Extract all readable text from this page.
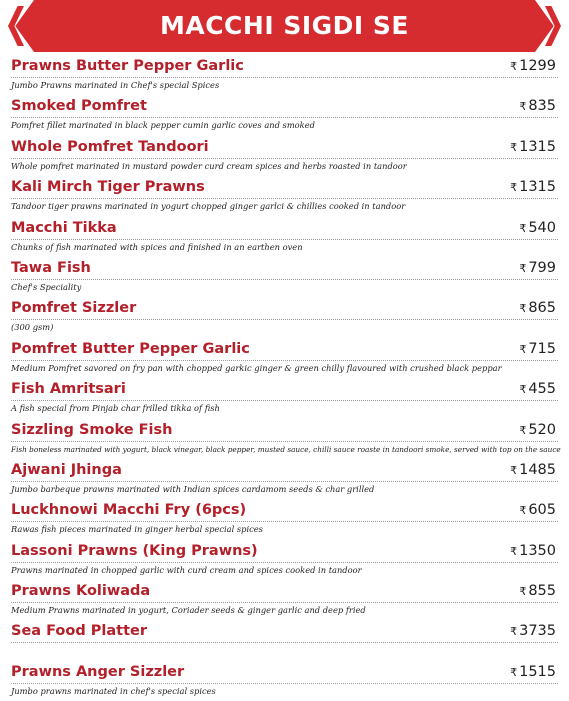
MACCHI SIGDI SE
Prawns Butter Pepper Garlic	₹ 1299
Jumbo Prawns marinated in Chef's special Spices
Smoked Pomfret	₹ 835
Pomfret fillet marinated in black pepper cumin garlic coves and smoked
Whole Pomfret Tandoori	₹ 1315
Whole pomfret marinated in mustard powder curd cream spices and herbs roasted in tandoor
Kali Mirch Tiger Prawns	₹ 1315
Tandoor tiger prawns marinated in yogurt chopped ginger garlci & chillies cooked in tandoor
Macchi Tikka	₹ 540
Chunks of fish marinated with spices and finished in an earthen oven
Tawa Fish	₹ 799
Chef's Speciality
Pomfret Sizzler	₹ 865
(300 gsm)
Pomfret Butter Pepper Garlic	₹ 715
Medium Pomfret savored on fry pan with chopped garkic ginger & green chilly flavoured with crushed black peppar
Fish Amritsari	₹ 455
A fish special from Pinjab char frilled tikka of fish
Sizzling Smoke Fish	₹ 520
Fish boneless marinated with yogurt, black vinegar, black pepper, musted sauce, chilli sauce roaste in tandoori smoke, served with top on the sauce
Ajwani Jhinga	₹ 1485
Jumbo barbeque prawns marinated with Indian spices cardamom seeds & char grilled
Luckhnowi Macchi Fry (6pcs)	₹ 605
Rawas fish pieces marinated in ginger herbal special spices
Lassoni Prawns (King Prawns)	₹ 1350
Prawns marinated in chopped garlic with curd cream and spices cooked in tandoor
Prawns Koliwada	₹ 855
Medium Prawns marinated in yogurt, Coriader seeds & ginger garlic and deep fried
Sea Food Platter	₹ 3735
Prawns Anger Sizzler	₹ 1515
Jumbo prawns marinated in chef's special spices
